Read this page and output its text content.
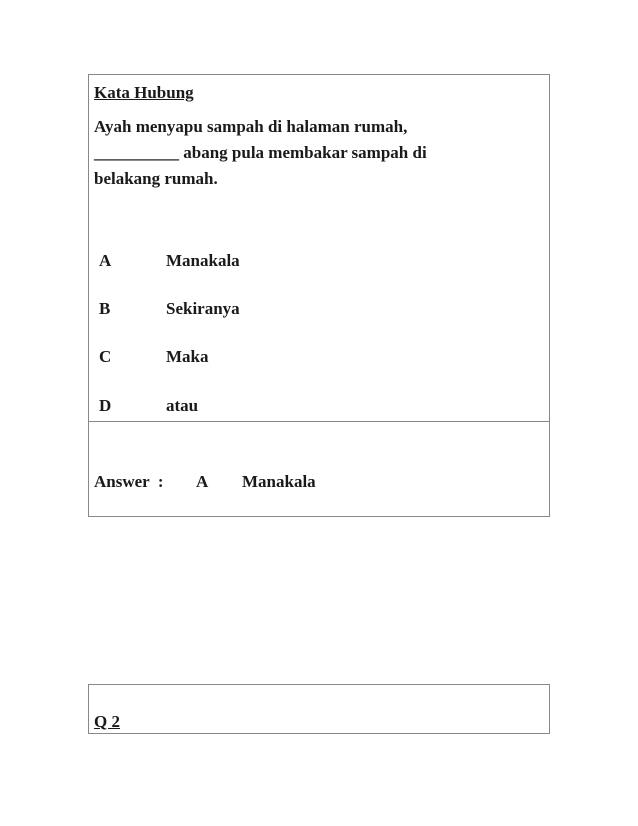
Kata Hubung
Ayah menyapu sampah di halaman rumah,
__________ abang pula membakar sampah di
belakang rumah.
A	Manakala
B	Sekiranya
C	Maka
D	atau
Answer  : A Manakala
Q 2
